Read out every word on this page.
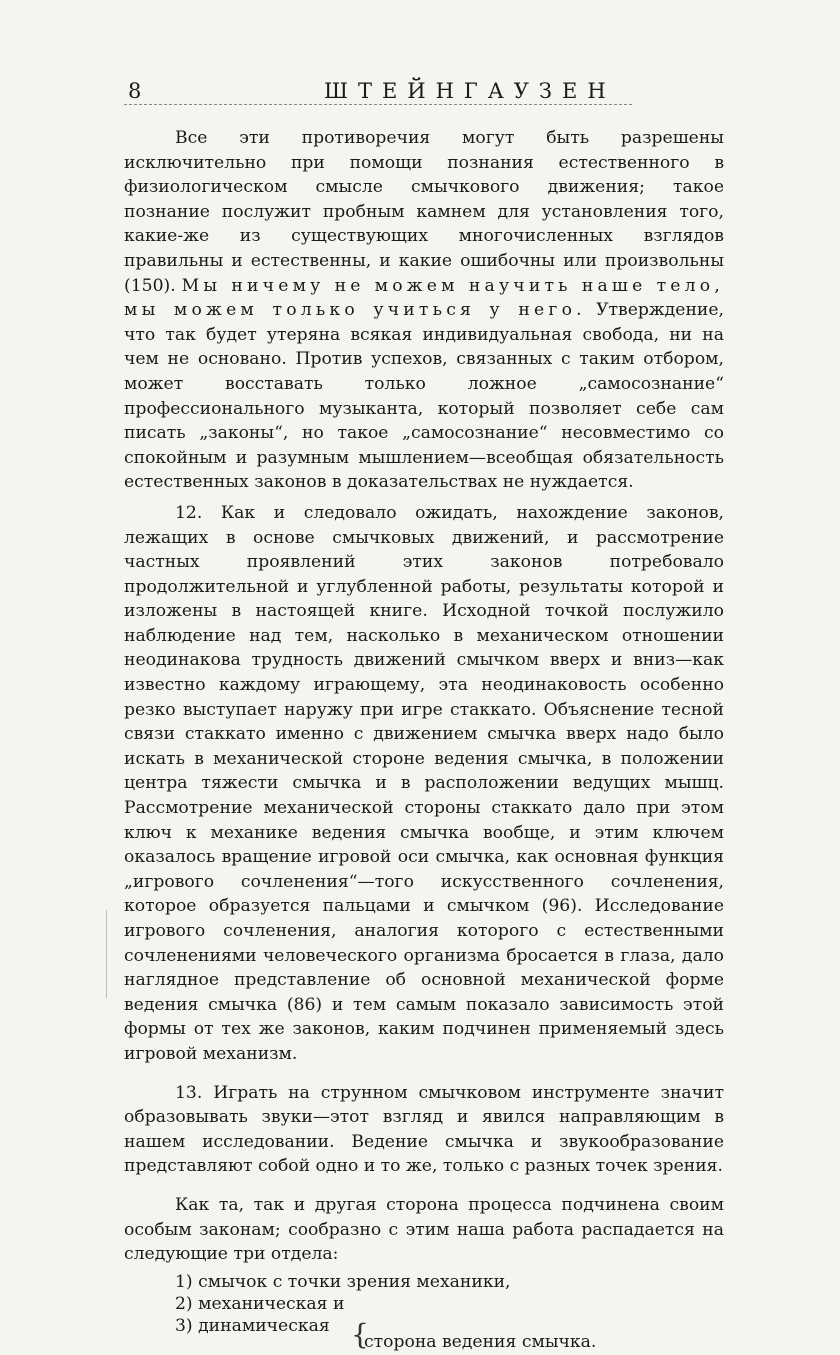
8	ШТЕЙНГАУЗЕН

Все эти противоречия могут быть разрешены исключительно при помощи познания естественного в физиологическом смысле смычкового движения; такое познание послужит пробным камнем для установления того, какие-же из существующих многочисленных взглядов правильны и естественны, и какие ошибочны или произвольны (150). Мы ничему не можем научить наше тело, мы можем только учиться у него. Утверждение, что так будет утеряна всякая индивидуальная свобода, ни на чем не основано. Против успехов, связанных с таким отбором, может восставать только ложное „самосознание“ профессионального музыканта, который позволяет себе сам писать „законы“, но такое „самосознание“ несовместимо со спокойным и разумным мышлением—всеобщая обязательность естественных законов в доказательствах не нуждается.

12. Как и следовало ожидать, нахождение законов, лежащих в основе смычковых движений, и рассмотрение частных проявлений этих законов потребовало продолжительной и углубленной работы, результаты которой и изложены в настоящей книге. Исходной точкой послужило наблюдение над тем, насколько в механическом отношении неодинакова трудность движений смычком вверх и вниз—как известно каждому играющему, эта неодинаковость особенно резко выступает наружу при игре стаккато. Объяснение тесной связи стаккато именно с движением смычка вверх надо было искать в механической стороне ведения смычка, в положении центра тяжести смычка и в расположении ведущих мышц. Рассмотрение механической стороны стаккато дало при этом ключ к механике ведения смычка вообще, и этим ключем оказалось вращение игровой оси смычка, как основная функция „игрового сочленения“—того искусственного сочленения, которое образуется пальцами и смычком (96). Исследование игрового сочленения, аналогия которого с естественными сочленениями человеческого организма бросается в глаза, дало наглядное представление об основной механической форме ведения смычка (86) и тем самым показало зависимость этой формы от тех же законов, каким подчинен применяемый здесь игровой механизм.

13. Играть на струнном смычковом инструменте значит образовывать звуки—этот взгляд и явился направляющим в нашем исследовании. Ведение смычка и звукообразование представляют собой одно и то же, только с разных точек зрения.

Как та, так и другая сторона процесса подчинена своим особым законам; сообразно с этим наша работа распадается на следующие три отдела:

1) смычок с точки зрения механики,
2) механическая и
3) динамическая {
сторона ведения смычка.
